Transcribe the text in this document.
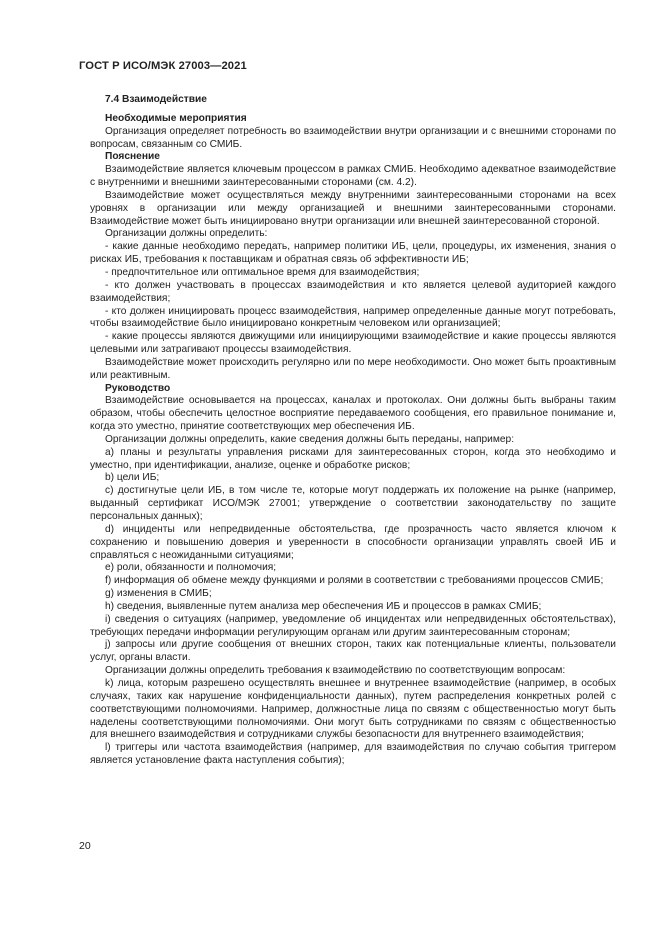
ГОСТ Р ИСО/МЭК 27003—2021

7.4 Взаимодействие

Необходимые мероприятия

Организация определяет потребность во взаимодействии внутри организации и с внешними сторонами по вопросам, связанным со СМИБ.

Пояснение

Взаимодействие является ключевым процессом в рамках СМИБ. Необходимо адекватное взаимодействие с внутренними и внешними заинтересованными сторонами (см. 4.2).

Взаимодействие может осуществляться между внутренними заинтересованными сторонами на всех уровнях в организации или между организацией и внешними заинтересованными сторонами. Взаимодействие может быть инициировано внутри организации или внешней заинтересованной стороной.

Организации должны определить:

- какие данные необходимо передать, например политики ИБ, цели, процедуры, их изменения, знания о рисках ИБ, требования к поставщикам и обратная связь об эффективности ИБ;

- предпочтительное или оптимальное время для взаимодействия;

- кто должен участвовать в процессах взаимодействия и кто является целевой аудиторией каждого взаимодействия;

- кто должен инициировать процесс взаимодействия, например определенные данные могут потребовать, чтобы взаимодействие было инициировано конкретным человеком или организацией;

- какие процессы являются движущими или инициирующими взаимодействие и какие процессы являются целевыми или затрагивают процессы взаимодействия.

Взаимодействие может происходить регулярно или по мере необходимости. Оно может быть проактивным или реактивным.

Руководство

Взаимодействие основывается на процессах, каналах и протоколах. Они должны быть выбраны таким образом, чтобы обеспечить целостное восприятие передаваемого сообщения, его правильное понимание и, когда это уместно, принятие соответствующих мер обеспечения ИБ.

Организации должны определить, какие сведения должны быть переданы, например:

a) планы и результаты управления рисками для заинтересованных сторон, когда это необходимо и уместно, при идентификации, анализе, оценке и обработке рисков;

b) цели ИБ;

c) достигнутые цели ИБ, в том числе те, которые могут поддержать их положение на рынке (например, выданный сертификат ИСО/МЭК 27001; утверждение о соответствии законодательству по защите персональных данных);

d) инциденты или непредвиденные обстоятельства, где прозрачность часто является ключом к сохранению и повышению доверия и уверенности в способности организации управлять своей ИБ и справляться с неожиданными ситуациями;

e) роли, обязанности и полномочия;

f) информация об обмене между функциями и ролями в соответствии с требованиями процессов СМИБ;

g) изменения в СМИБ;

h) сведения, выявленные путем анализа мер обеспечения ИБ и процессов в рамках СМИБ;

i) сведения о ситуациях (например, уведомление об инцидентах или непредвиденных обстоятельствах), требующих передачи информации регулирующим органам или другим заинтересованным сторонам;

j) запросы или другие сообщения от внешних сторон, таких как потенциальные клиенты, пользователи услуг, органы власти.

Организации должны определить требования к взаимодействию по соответствующим вопросам:

k) лица, которым разрешено осуществлять внешнее и внутреннее взаимодействие (например, в особых случаях, таких как нарушение конфиденциальности данных), путем распределения конкретных ролей с соответствующими полномочиями. Например, должностные лица по связям с общественностью могут быть наделены соответствующими полномочиями. Они могут быть сотрудниками по связям с общественностью для внешнего взаимодействия и сотрудниками службы безопасности для внутреннего взаимодействия;

l) триггеры или частота взаимодействия (например, для взаимодействия по случаю события триггером является установление факта наступления события);

20
